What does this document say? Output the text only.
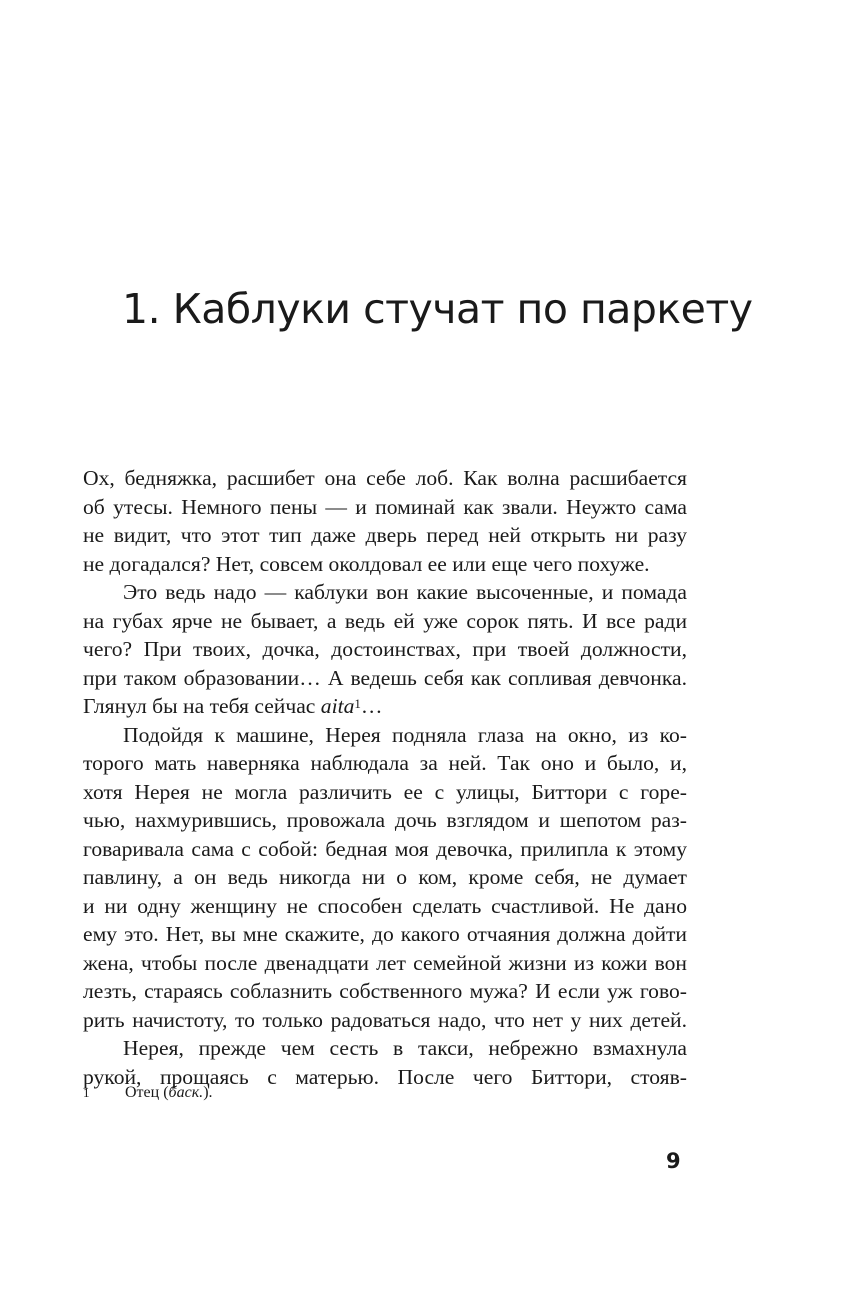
1. Каблуки стучат по паркету
Ох, бедняжка, расшибет она себе лоб. Как волна расшибается
об утесы. Немного пены — и поминай как звали. Неужто сама
не видит, что этот тип даже дверь перед ней открыть ни разу
не догадался? Нет, совсем околдовал ее или еще чего похуже.
Это ведь надо — каблуки вон какие высоченные, и помада
на губах ярче не бывает, а ведь ей уже сорок пять. И все ради
чего? При твоих, дочка, достоинствах, при твоей должности,
при таком образовании… А ведешь себя как сопливая девчонка.
Глянул бы на тебя сейчас aita$^1$…
Подойдя к машине, Нерея подняла глаза на окно, из ко-
торого мать наверняка наблюдала за ней. Так оно и было, и,
хотя Нерея не могла различить ее с улицы, Биттори с горе-
чью, нахмурившись, провожала дочь взглядом и шепотом раз-
говаривала сама с собой: бедная моя девочка, прилипла к этому
павлину, а он ведь никогда ни о ком, кроме себя, не думает
и ни одну женщину не способен сделать счастливой. Не дано
ему это. Нет, вы мне скажите, до какого отчаяния должна дойти
жена, чтобы после двенадцати лет семейной жизни из кожи вон
лезть, стараясь соблазнить собственного мужа? И если уж гово-
рить начистоту, то только радоваться надо, что нет у них детей.
Нерея, прежде чем сесть в такси, небрежно взмахнула
рукой, прощаясь с матерью. После чего Биттори, стояв-
1 Отец (баск.).
9
